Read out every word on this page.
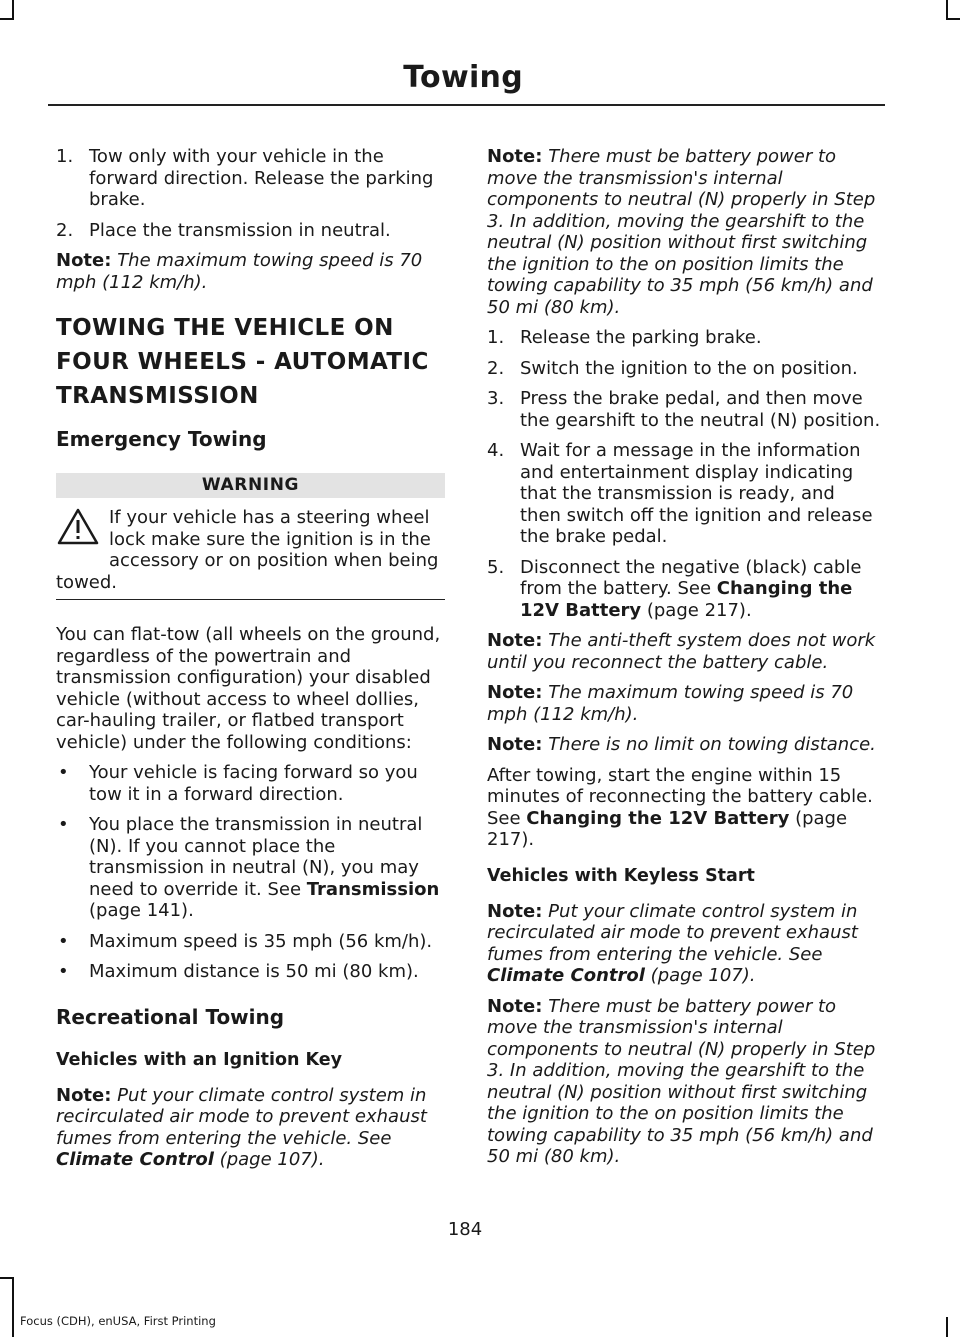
Towing
1. Tow only with your vehicle in the forward direction. Release the parking brake.
2. Place the transmission in neutral.

Note: The maximum towing speed is 70 mph (112 km/h).

TOWING THE VEHICLE ON
FOUR WHEELS - AUTOMATIC
TRANSMISSION
Emergency Towing
WARNING
If your vehicle has a steering wheel lock make sure the ignition is in the accessory or on position when being towed.

You can flat-tow (all wheels on the ground, regardless of the powertrain and transmission configuration) your disabled vehicle (without access to wheel dollies, car-hauling trailer, or flatbed transport vehicle) under the following conditions:

•	Your vehicle is facing forward so you tow it in a forward direction.
•	You place the transmission in neutral (N). If you cannot place the transmission in neutral (N), you may need to override it. See Transmission (page 141).
•	Maximum speed is 35 mph (56 km/h).
•	Maximum distance is 50 mi (80 km).
Recreational Towing
Vehicles with an Ignition Key

Note: Put your climate control system in recirculated air mode to prevent exhaust fumes from entering the vehicle. See Climate Control (page 107).

Note: There must be battery power to move the transmission's internal components to neutral (N) properly in Step 3. In addition, moving the gearshift to the neutral (N) position without first switching the ignition to the on position limits the towing capability to 35 mph (56 km/h) and 50 mi (80 km).

1. Release the parking brake.
2. Switch the ignition to the on position.
3. Press the brake pedal, and then move the gearshift to the neutral (N) position.
4. Wait for a message in the information and entertainment display indicating that the transmission is ready, and then switch off the ignition and release the brake pedal.
5. Disconnect the negative (black) cable from the battery. See Changing the 12V Battery (page 217).

Note: The anti-theft system does not work until you reconnect the battery cable.

Note: The maximum towing speed is 70 mph (112 km/h).

Note: There is no limit on towing distance.

After towing, start the engine within 15 minutes of reconnecting the battery cable. See Changing the 12V Battery (page 217).

Vehicles with Keyless Start

Note: Put your climate control system in recirculated air mode to prevent exhaust fumes from entering the vehicle. See Climate Control (page 107).

Note: There must be battery power to move the transmission's internal components to neutral (N) properly in Step 3. In addition, moving the gearshift to the neutral (N) position without first switching the ignition to the on position limits the towing capability to 35 mph (56 km/h) and 50 mi (80 km).

184
Focus (CDH), enUSA, First Printing
